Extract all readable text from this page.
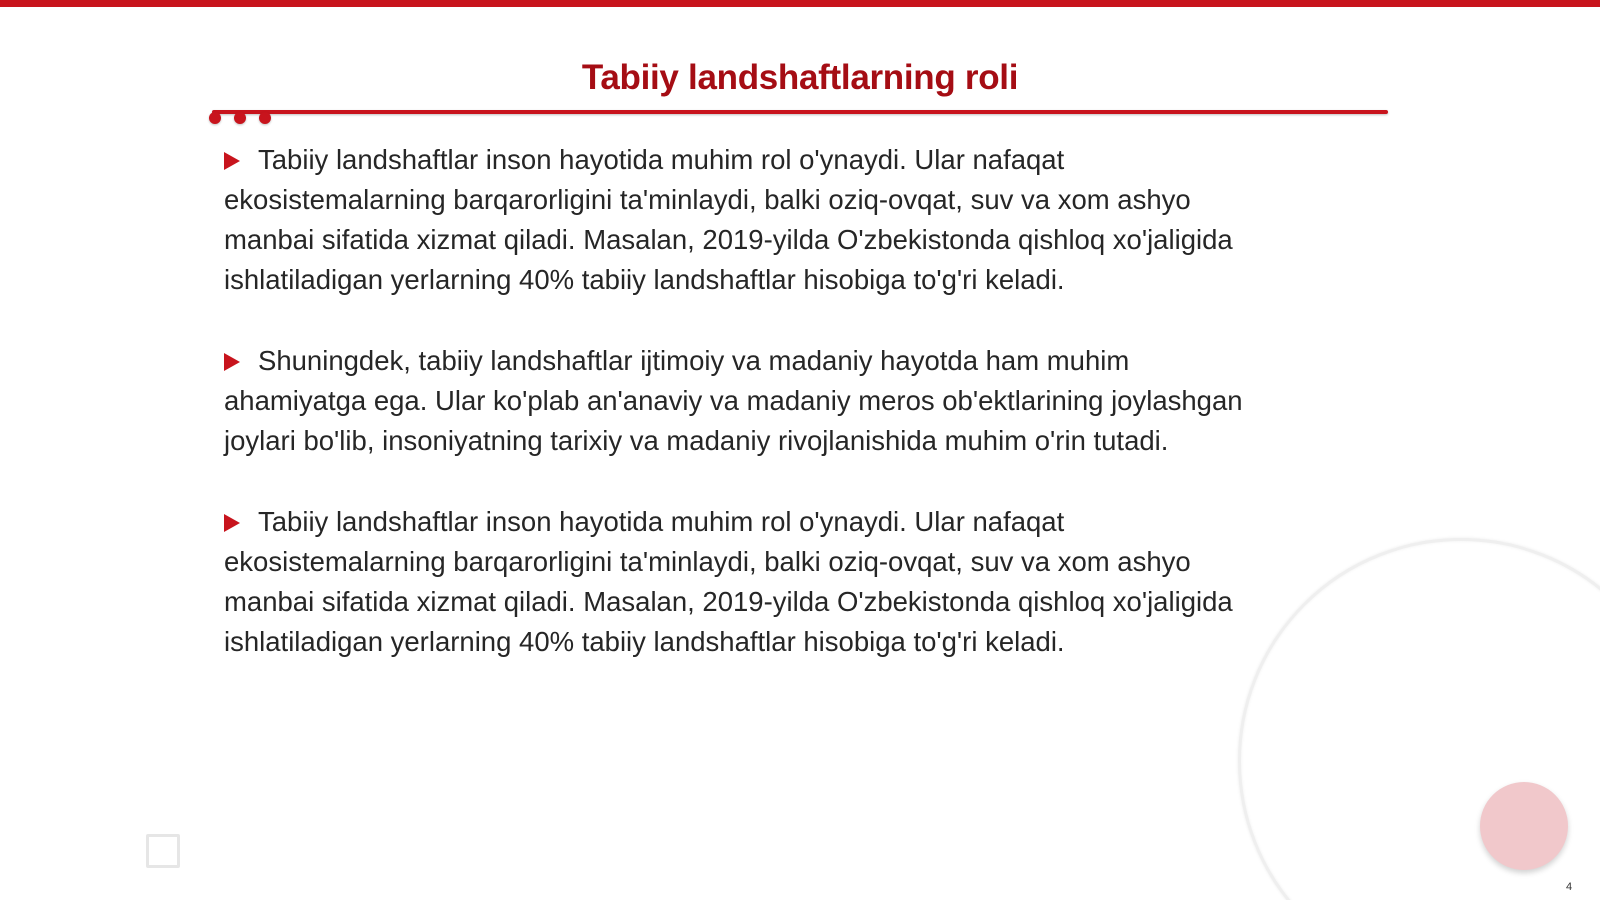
Tabiiy landshaftlarning roli
Tabiiy landshaftlar inson hayotida muhim rol o'ynaydi. Ular nafaqat
ekosistemalarning barqarorligini ta'minlaydi, balki oziq-ovqat, suv va xom ashyo
manbai sifatida xizmat qiladi. Masalan, 2019-yilda O'zbekistonda qishloq xo'jaligida
ishlatiladigan yerlarning 40% tabiiy landshaftlar hisobiga to'g'ri keladi.
Shuningdek, tabiiy landshaftlar ijtimoiy va madaniy hayotda ham muhim
ahamiyatga ega. Ular ko'plab an'anaviy va madaniy meros ob'ektlarining joylashgan
joylari bo'lib, insoniyatning tarixiy va madaniy rivojlanishida muhim o'rin tutadi.
Tabiiy landshaftlar inson hayotida muhim rol o'ynaydi. Ular nafaqat
ekosistemalarning barqarorligini ta'minlaydi, balki oziq-ovqat, suv va xom ashyo
manbai sifatida xizmat qiladi. Masalan, 2019-yilda O'zbekistonda qishloq xo'jaligida
ishlatiladigan yerlarning 40% tabiiy landshaftlar hisobiga to'g'ri keladi.
4
